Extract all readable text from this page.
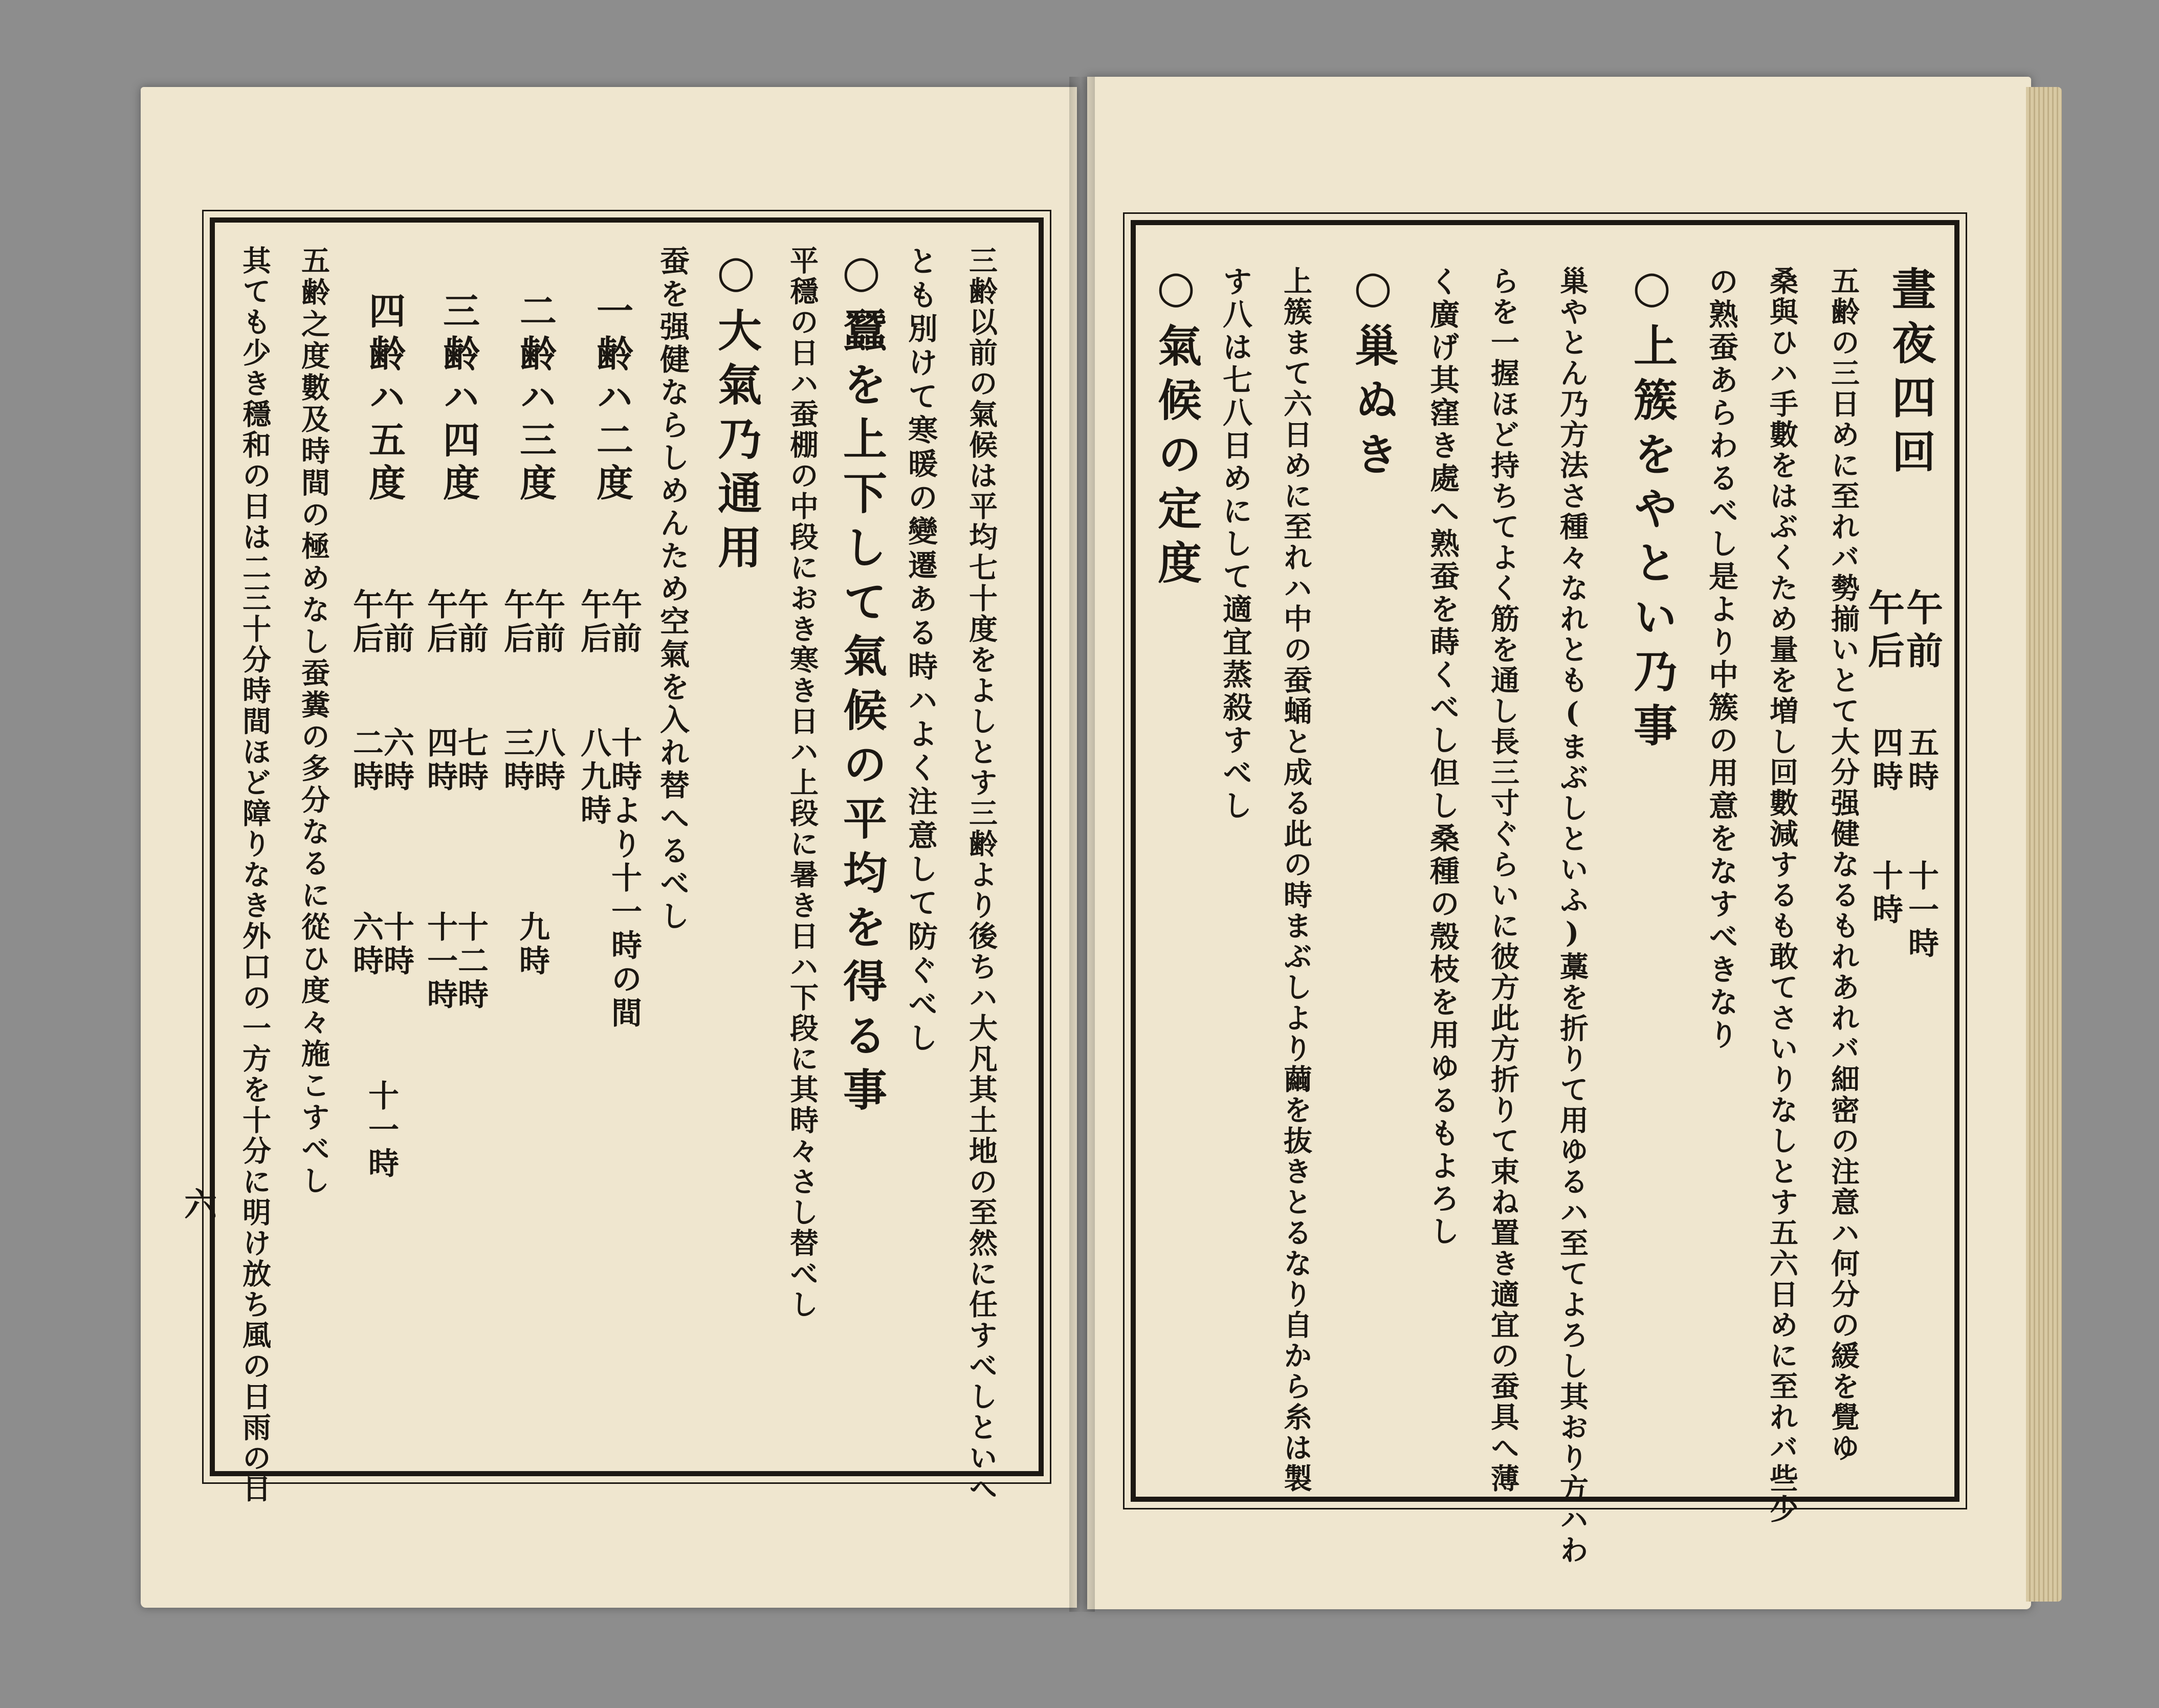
晝夜四回
午前
午后
五時
四時
十一時
十時
五齢の三日めに至れバ勢揃いとて大分强健なるもれあれバ細密の注意ハ何分の緩を覺ゆ
桑與ひハ手數をはぶくため量を増し回數減するも敢てさいりなしとす五六日めに至れバ些少
の熟蚕あらわるべし是より中簇の用意をなすべきなり
○上簇をやとい乃事
巢やとん乃方法さ種々なれとも(まぶしといふ)藁を折りて用ゆるハ至てよろし其おり方ハわ
らを一握ほど持ちてよく筋を通し長三寸ぐらいに彼方此方折りて束ね置き適宜の蚕具へ薄
く廣げ其窪き處へ熟蚕を蒔くべし但し桑種の殼枝を用ゆるもよろし
○巢ぬき
上簇まて六日めに至れハ中の蚕蛹と成る此の時まぶしより繭を抜きとるなり自から糸は製
す八は七八日めにして適宜蒸殺すべし
○氣候の定度
三齢以前の氣候は平均七十度をよしとす三齢より後ちハ大凡其土地の至然に任すべしといへ
とも別けて寒暖の變遷ある時ハよく注意して防ぐべし
○蠶を上下して氣候の平均を得る事
平穩の日ハ蚕棚の中段におき寒き日ハ上段に暑き日ハ下段に其時々さし替べし
○大氣乃通用
蚕を强健ならしめんため空氣を入れ替へるべし
一齢ハ二度
午前
午后
十時より十一時の間
八九時
二齢ハ三度
午前
午后
八時
三時
九時
三齢ハ四度
午前
午后
七時
四時
十二時
十一時
四齢ハ五度
午前
午后
六時
二時
十時
六時
十一時
五齢之度數及時間の極めなし蚕糞の多分なるに從ひ度々施こすべし
其ても少き穩和の日は二三十分時間ほど障りなき外口の一方を十分に明け放ち風の日雨の日
六
